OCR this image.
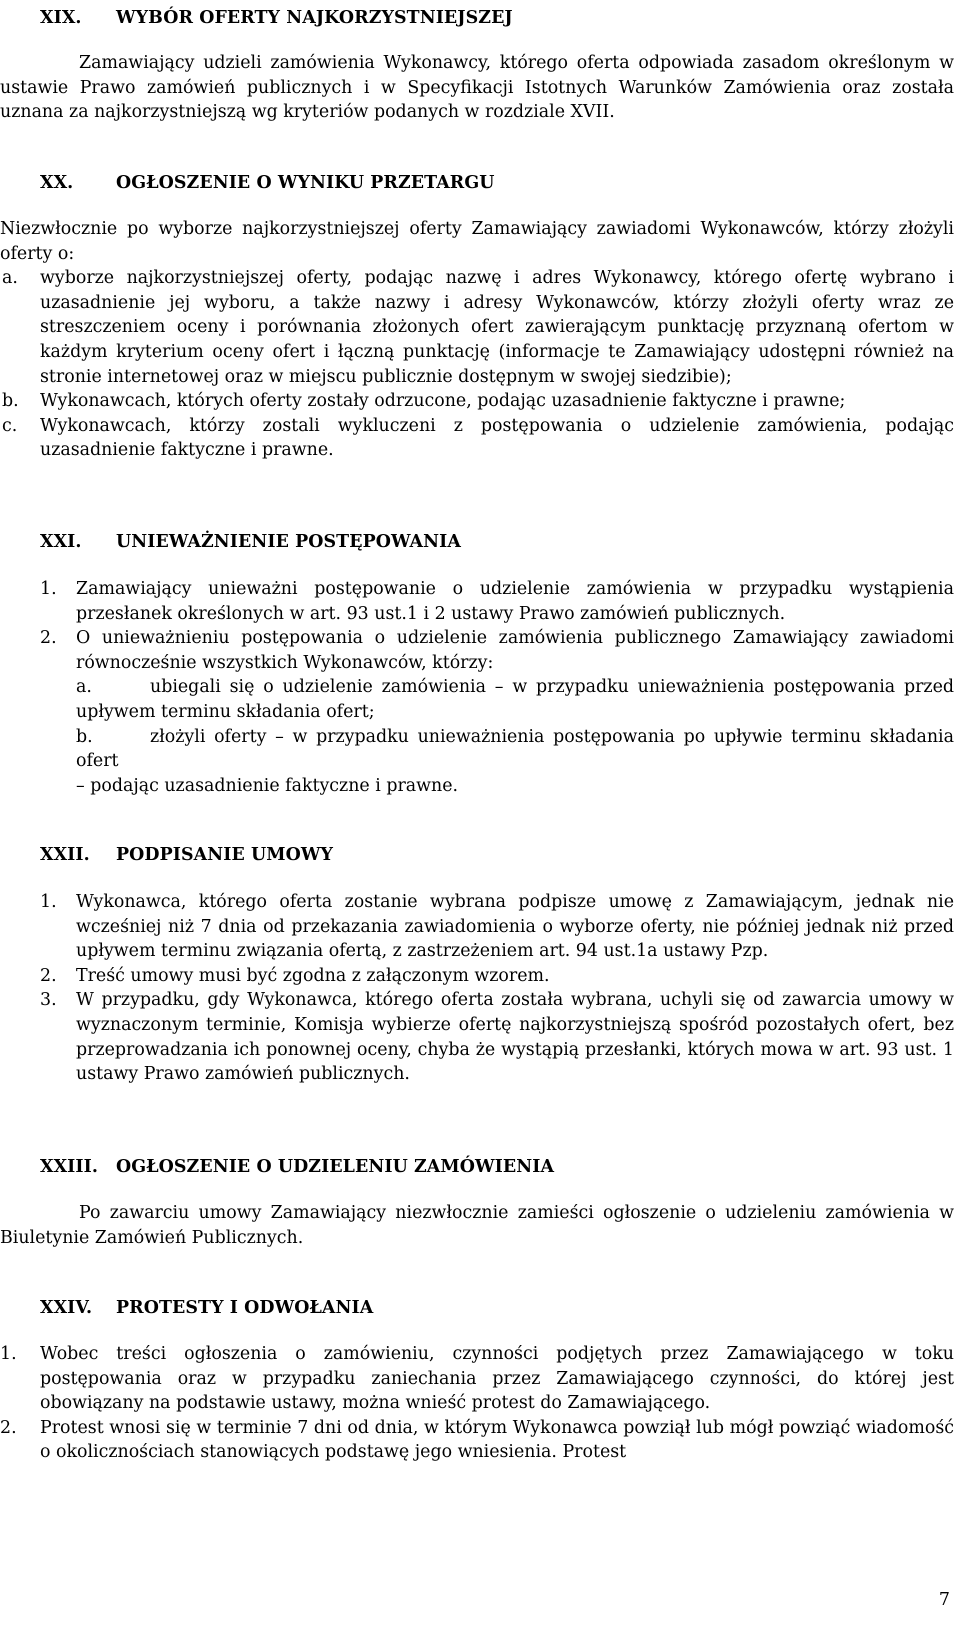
XIX. WYBÓR OFERTY NAJKORZYSTNIEJSZEJ

Zamawiający udzieli zamówienia Wykonawcy, którego oferta odpowiada zasadom określonym w ustawie Prawo zamówień publicznych i w Specyfikacji Istotnych Warunków Zamówienia oraz została uznana za najkorzystniejszą wg kryteriów podanych w rozdziale XVII.

XX. OGŁOSZENIE O WYNIKU PRZETARGU

Niezwłocznie po wyborze najkorzystniejszej oferty Zamawiający zawiadomi Wykonawców, którzy złożyli oferty o:

a. wyborze najkorzystniejszej oferty, podając nazwę i adres Wykonawcy, którego ofertę wybrano i uzasadnienie jej wyboru, a także nazwy i adresy Wykonawców, którzy złożyli oferty wraz ze streszczeniem oceny i porównania złożonych ofert zawierającym punktację przyznaną ofertom w każdym kryterium oceny ofert i łączną punktację (informacje te Zamawiający udostępni również na stronie internetowej oraz w miejscu publicznie dostępnym w swojej siedzibie);
b. Wykonawcach, których oferty zostały odrzucone, podając uzasadnienie faktyczne i prawne;
c. Wykonawcach, którzy zostali wykluczeni z postępowania o udzielenie zamówienia, podając uzasadnienie faktyczne i prawne.
XXI. UNIEWAŻNIENIE POSTĘPOWANIA
1. Zamawiający unieważni postępowanie o udzielenie zamówienia w przypadku wystąpienia przesłanek określonych w art. 93 ust.1 i 2 ustawy Prawo zamówień publicznych.
2. O unieważnieniu postępowania o udzielenie zamówienia publicznego Zamawiający zawiadomi równocześnie wszystkich Wykonawców, którzy:
a.	ubiegali się o udzielenie zamówienia – w przypadku unieważnienia postępowania przed upływem terminu składania ofert;
b.	złożyli oferty – w przypadku unieważnienia postępowania po upływie terminu składania ofert
– podając uzasadnienie faktyczne i prawne.
XXII. PODPISANIE UMOWY
1. Wykonawca, którego oferta zostanie wybrana podpisze umowę z Zamawiającym, jednak nie wcześniej niż 7 dnia od przekazania zawiadomienia o wyborze oferty, nie później jednak niż przed upływem terminu związania ofertą, z zastrzeżeniem art. 94 ust.1a ustawy Pzp.
2. Treść umowy musi być zgodna z załączonym wzorem.
3. W przypadku, gdy Wykonawca, którego oferta została wybrana, uchyli się od zawarcia umowy w wyznaczonym terminie, Komisja wybierze ofertę najkorzystniejszą spośród pozostałych ofert, bez przeprowadzania ich ponownej oceny, chyba że wystąpią przesłanki, których mowa w art. 93 ust. 1 ustawy Prawo zamówień publicznych.
XXIII. OGŁOSZENIE O UDZIELENIU ZAMÓWIENIA

Po zawarciu umowy Zamawiający niezwłocznie zamieści ogłoszenie o udzieleniu zamówienia w Biuletynie Zamówień Publicznych.

XXIV. PROTESTY I ODWOŁANIA
1. Wobec treści ogłoszenia o zamówieniu, czynności podjętych przez Zamawiającego w toku postępowania oraz w przypadku zaniechania przez Zamawiającego czynności, do której jest obowiązany na podstawie ustawy, można wnieść protest do Zamawiającego.
2. Protest wnosi się w terminie 7 dni od dnia, w którym Wykonawca powziął lub mógł powziąć wiadomość o okolicznościach stanowiących podstawę jego wniesienia. Protest
7
